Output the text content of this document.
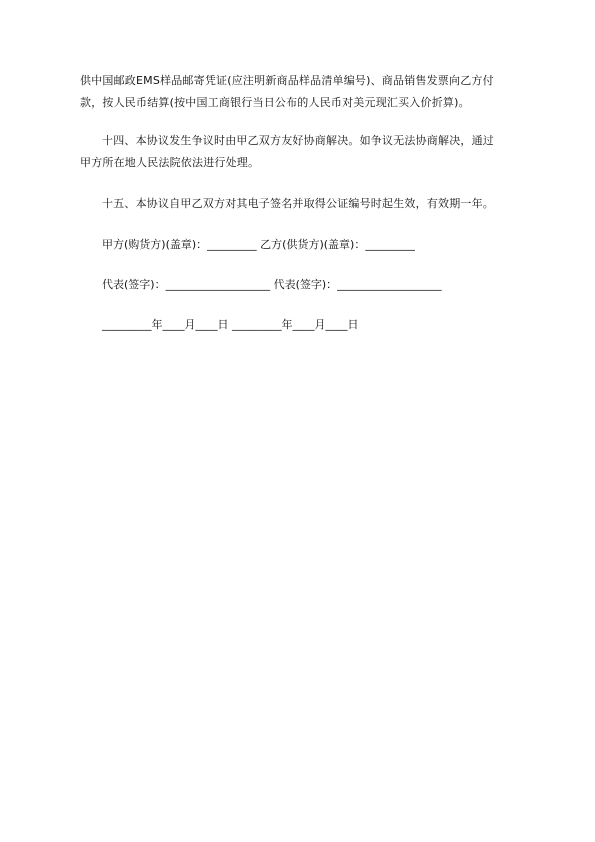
供中国邮政EMS样品邮寄凭证(应注明新商品样品清单编号)、商品销售发票向乙方付
款，按人民币结算(按中国工商银行当日公布的人民币对美元现汇买入价折算)。
十四、本协议发生争议时由甲乙双方友好协商解决。如争议无法协商解决，通过
甲方所在地人民法院依法进行处理。
十五、本协议自甲乙双方对其电子签名并取得公证编号时起生效，有效期一年。
甲方(购货方)(盖章)：_________ 乙方(供货方)(盖章)：_________
代表(签字)：___________________ 代表(签字)：___________________
_________年____月____日 _________年____月____日
